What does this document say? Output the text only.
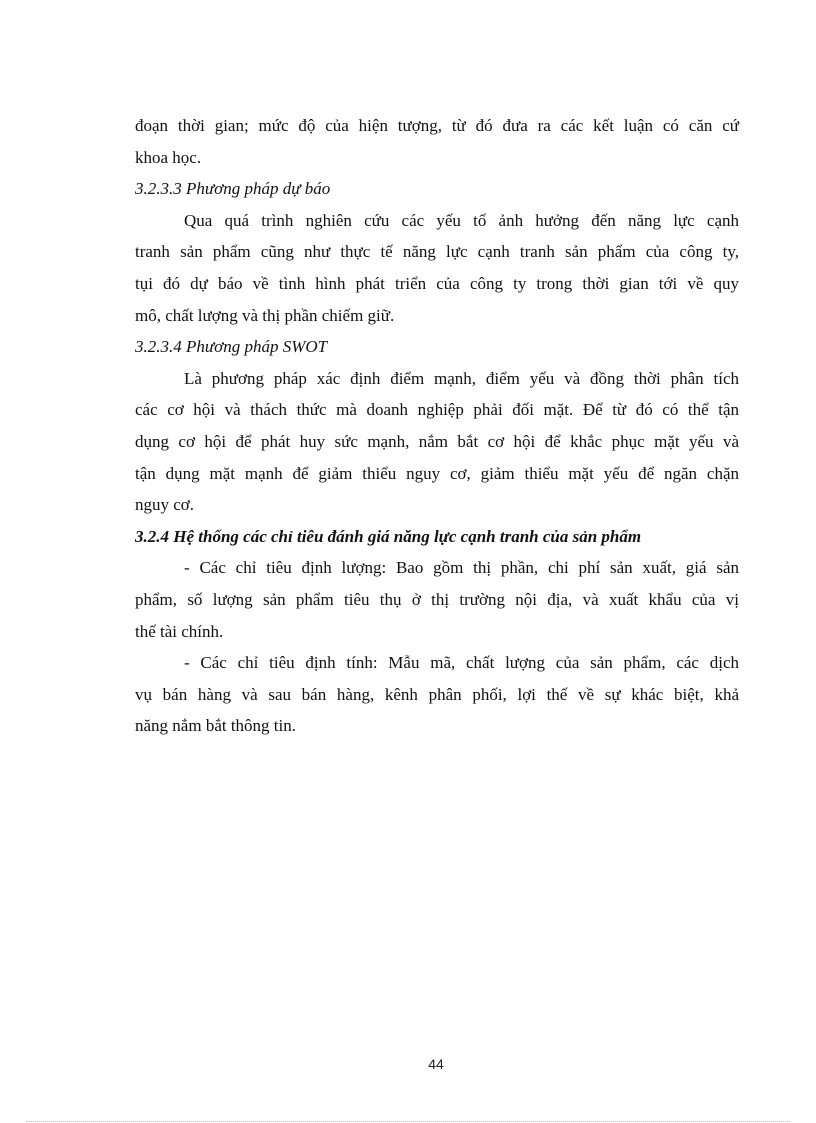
đoạn thời gian; mức độ của hiện tượng, từ đó đưa ra các kết luận có căn cứ
khoa học.
3.2.3.3 Phương pháp dự báo
Qua quá trình nghiên cứu các yếu tố ảnh hưởng đến năng lực cạnh
tranh sản phẩm cũng như thực tế năng lực cạnh tranh sản phẩm của công ty,
tụi đó dự báo về tình hình phát triển của công ty trong thời gian tới về quy
mô, chất lượng và thị phần chiếm giữ.
3.2.3.4 Phương pháp SWOT
Là phương pháp xác định điểm mạnh, điểm yếu và đồng thời phân tích
các cơ hội và thách thức mà doanh nghiệp phải đối mặt. Để từ đó có thể tận
dụng cơ hội để phát huy sức mạnh, nắm bắt cơ hội để khắc phục mặt yếu và
tận dụng mặt mạnh để giảm thiểu nguy cơ, giảm thiểu mặt yếu để ngăn chặn
nguy cơ.
3.2.4 Hệ thống các chỉ tiêu đánh giá năng lực cạnh tranh của sản phẩm
- Các chỉ tiêu định lượng: Bao gồm thị phần, chi phí sản xuất, giá sản
phẩm, số lượng sản phẩm tiêu thụ ở thị trường nội địa, và xuất khẩu của vị
thế tài chính.
- Các chỉ tiêu định tính: Mẫu mã, chất lượng của sản phẩm, các dịch
vụ bán hàng và sau bán hàng, kênh phân phối, lợi thế về sự khác biệt, khả
năng nắm bắt thông tin.
44
